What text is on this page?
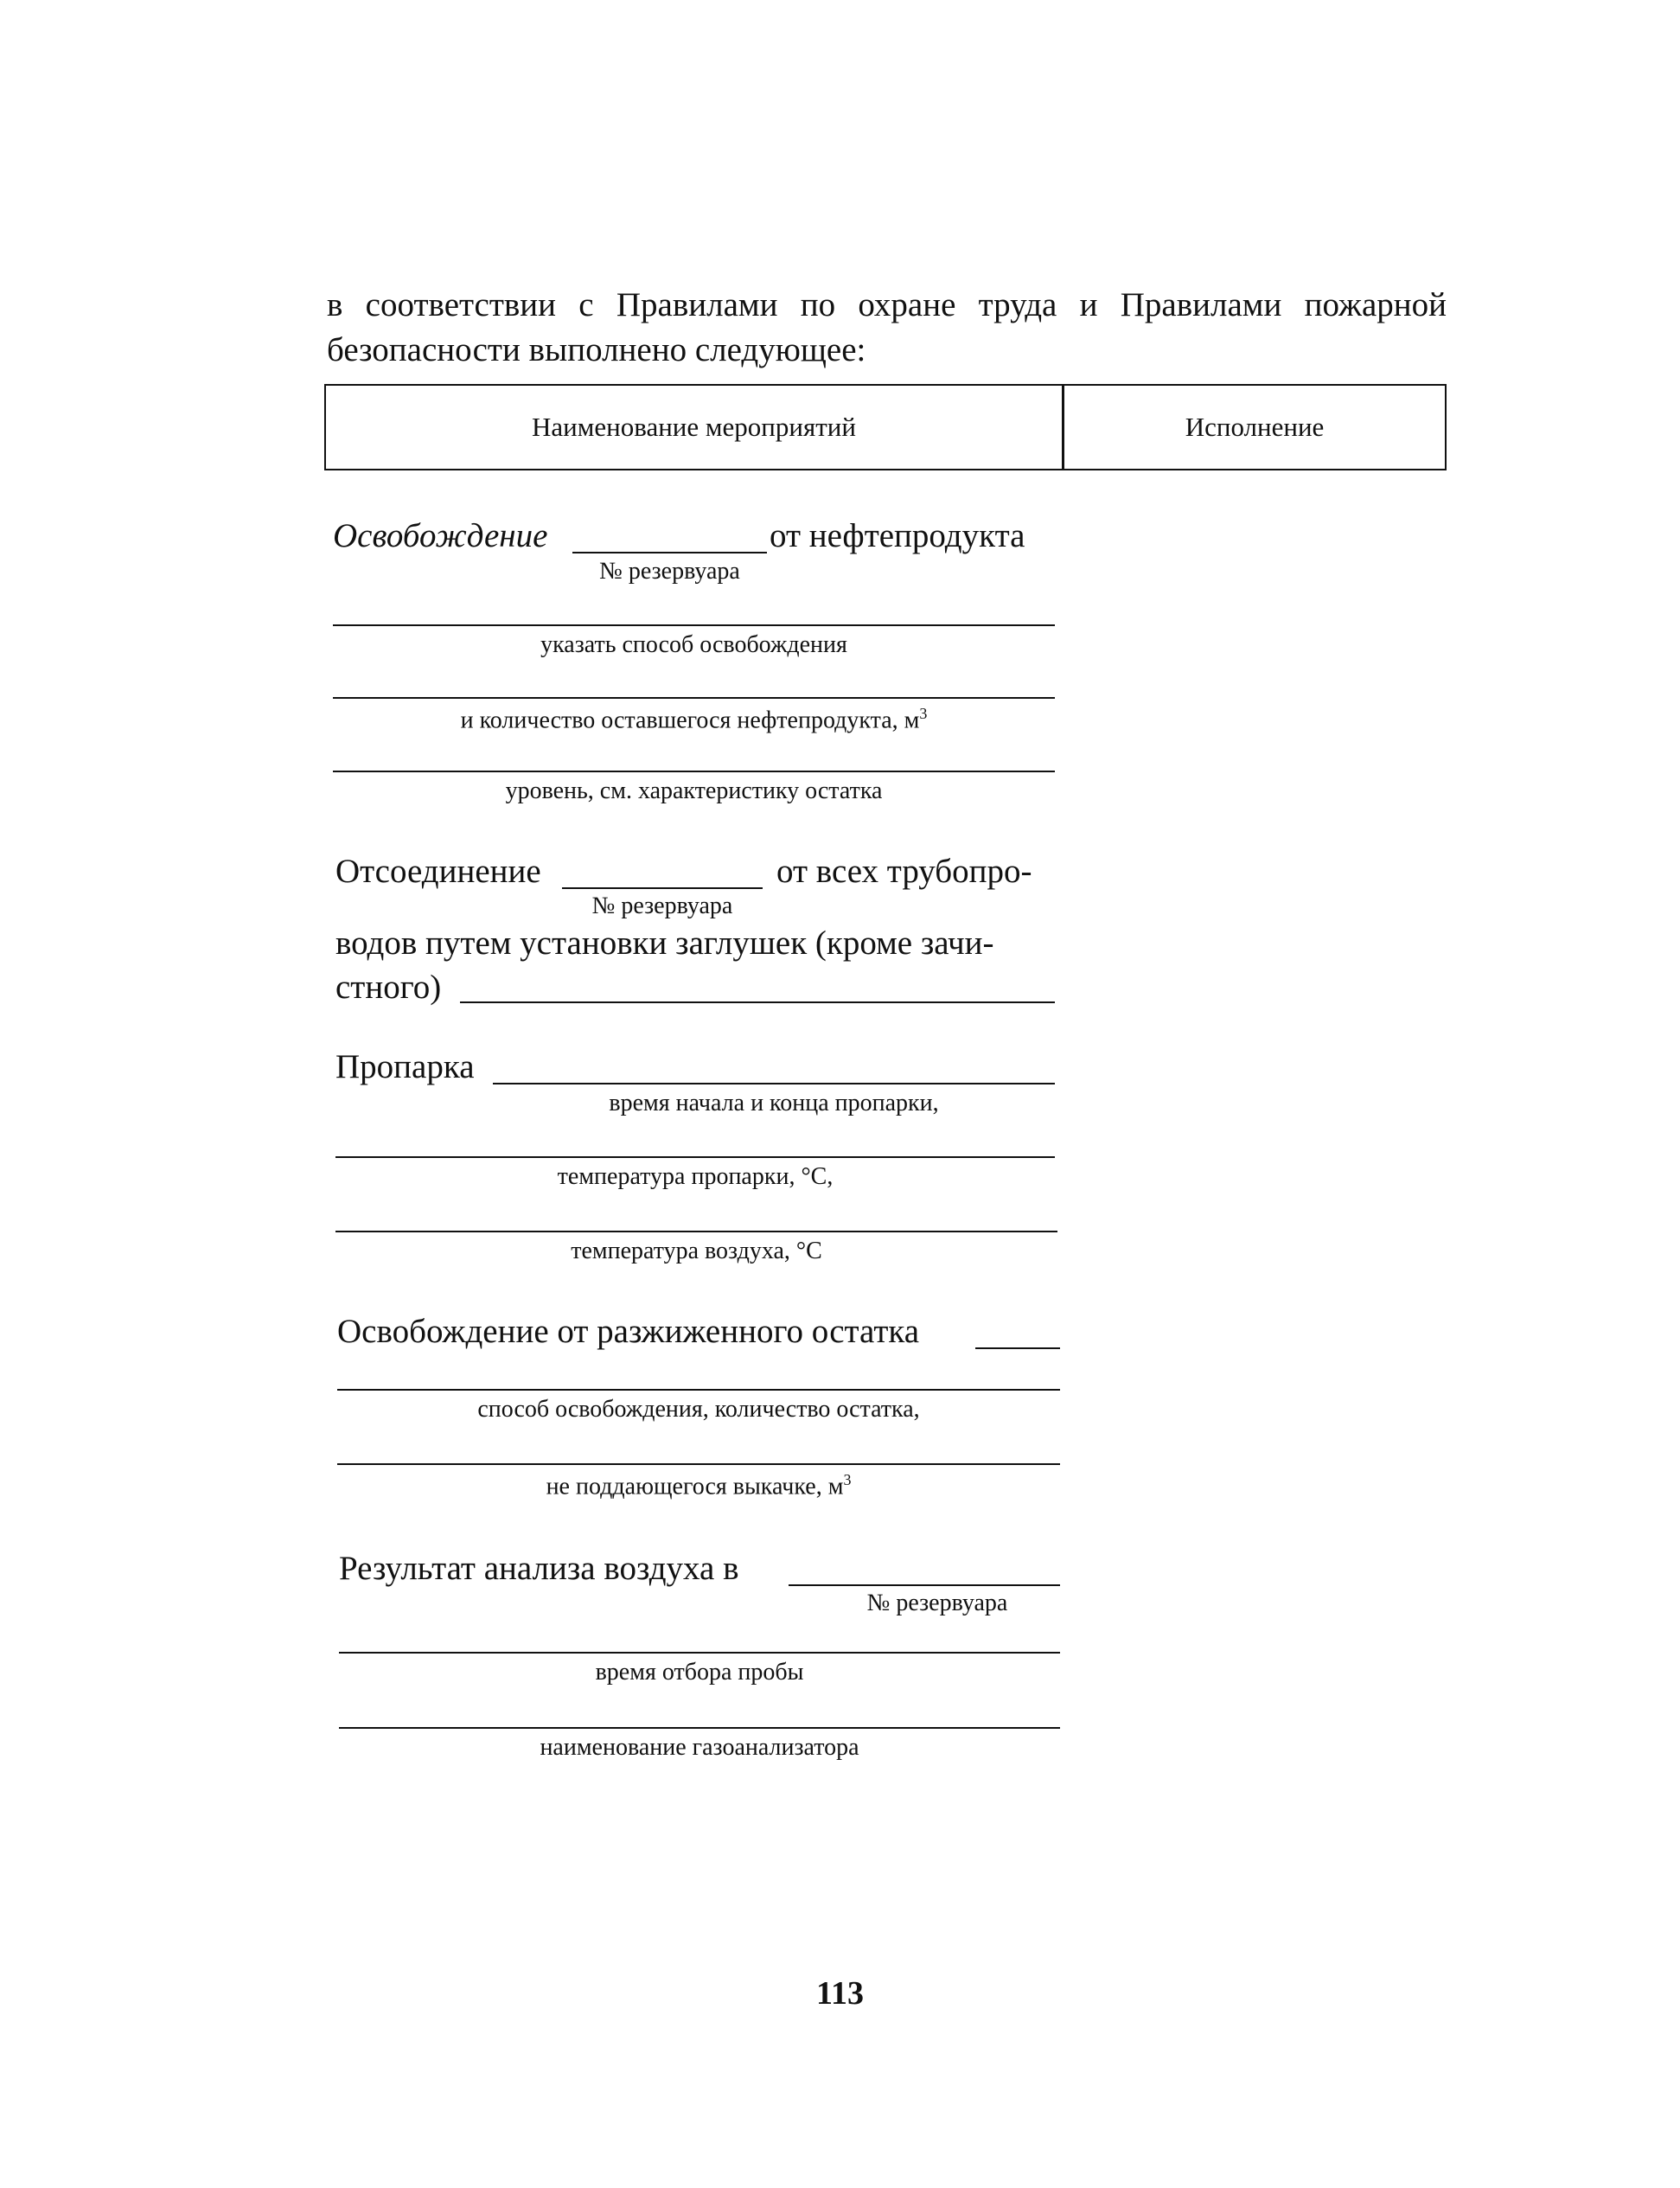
в соответствии с Правилами по охране труда и Правилами пожарной безопасности выполнено следующее:
Наименование мероприятий	Исполнение
Освобождение	от нефтепродукта
№ резервуара
указать способ освобождения
и количество оставшегося нефтепродукта, $м^3$
уровень, см. характеристику остатка
Отсоединение	от всех трубопро-
№ резервуара
водов путем установки заглушек (кроме зачи-
стного)
Пропарка
время начала и конца пропарки,
температура пропарки, °С,
температура воздуха, °С
Освобождение от разжиженного остатка
способ освобождения, количество остатка,
не поддающегося выкачке, $м^3$
Результат анализа воздуха в
№ резервуара
время отбора пробы
наименование газоанализатора
113
